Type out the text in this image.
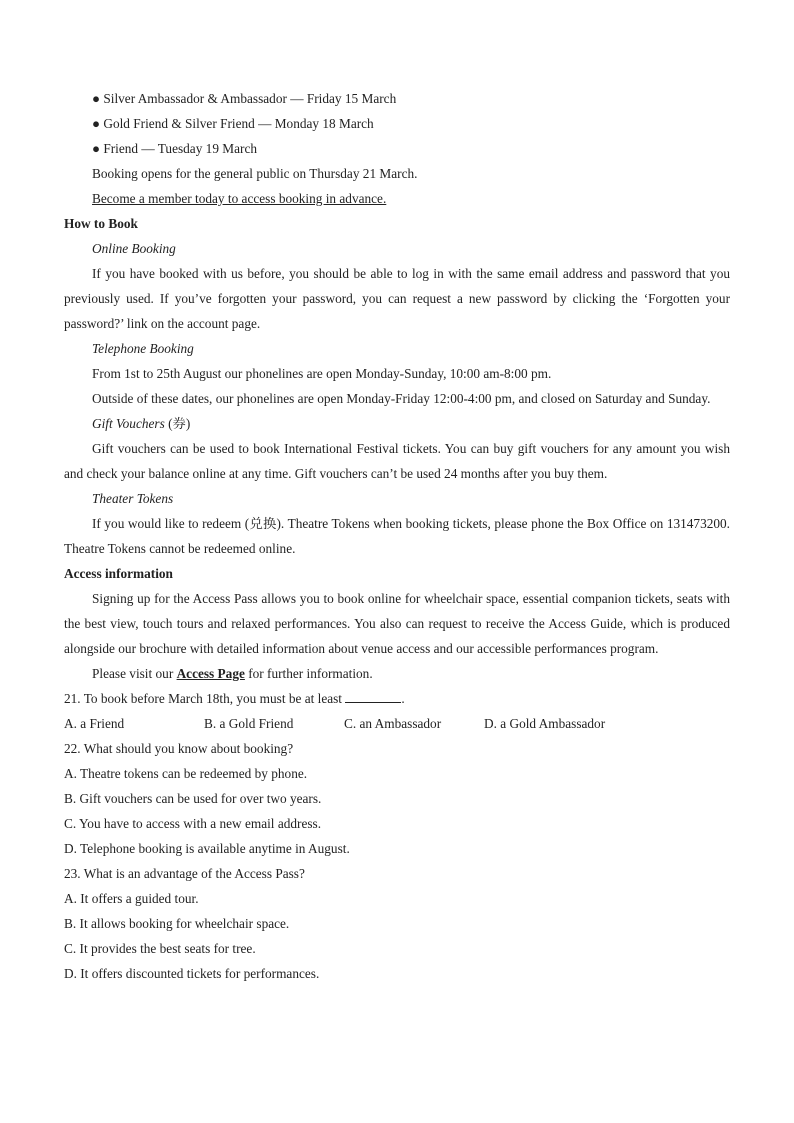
● Silver Ambassador & Ambassador — Friday 15 March

● Gold Friend & Silver Friend — Monday 18 March

● Friend — Tuesday 19 March

Booking opens for the general public on Thursday 21 March.

Become a member today to access booking in advance.

How to Book

Online Booking

If you have booked with us before, you should be able to log in with the same email address and password that you previously used. If you’ve forgotten your password, you can request a new password by clicking the ‘Forgotten your password?’ link on the account page.

Telephone Booking

From 1st to 25th August our phonelines are open Monday-Sunday, 10:00 am-8:00 pm.

Outside of these dates, our phonelines are open Monday-Friday 12:00-4:00 pm, and closed on Saturday and Sunday.

Gift Vouchers (券)

Gift vouchers can be used to book International Festival tickets. You can buy gift vouchers for any amount you wish and check your balance online at any time. Gift vouchers can’t be used 24 months after you buy them.

Theater Tokens

If you would like to redeem (兑换). Theatre Tokens when booking tickets, please phone the Box Office on 131473200. Theatre Tokens cannot be redeemed online.

Access information

Signing up for the Access Pass allows you to book online for wheelchair space, essential companion tickets, seats with the best view, touch tours and relaxed performances. You also can request to receive the Access Guide, which is produced alongside our brochure with detailed information about venue access and our accessible performances program.

Please visit our Access Page for further information.

21. To book before March 18th, you must be at least	.

A. a Friend	B. a Gold Friend	C. an Ambassador	D. a Gold Ambassador

22. What should you know about booking?

A. Theatre tokens can be redeemed by phone.

B. Gift vouchers can be used for over two years.

C. You have to access with a new email address.

D. Telephone booking is available anytime in August.

23. What is an advantage of the Access Pass?

A. It offers a guided tour.

B. It allows booking for wheelchair space.

C. It provides the best seats for tree.

D. It offers discounted tickets for performances.
